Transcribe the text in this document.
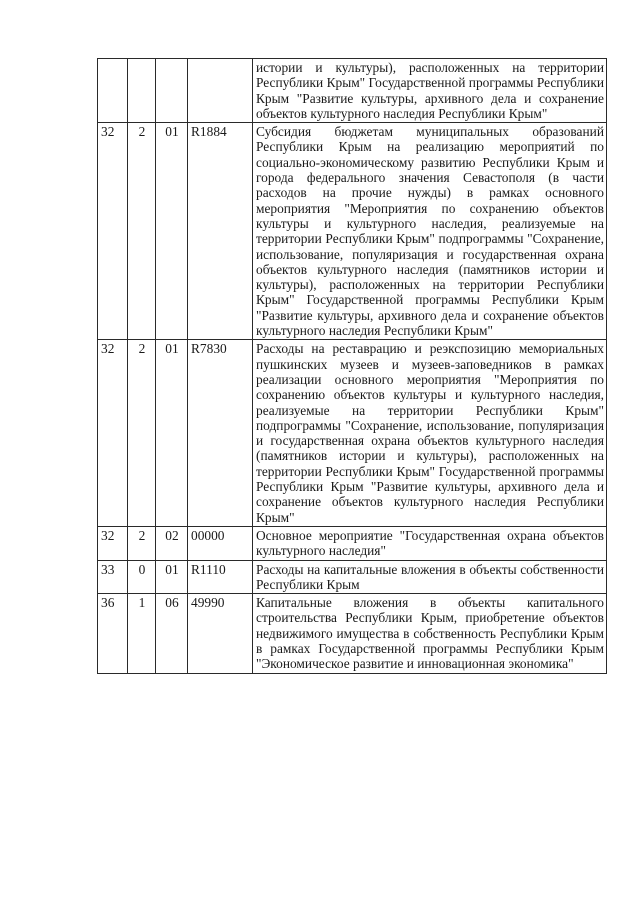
				истории и культуры), расположенных на территории Республики Крым" Государственной программы Республики Крым "Развитие культуры, архивного дела и сохранение объектов культурного наследия Республики Крым"
32	2	01	R1884	Субсидия бюджетам муниципальных образований Республики Крым на реализацию мероприятий по социально-экономическому развитию Республики Крым и города федерального значения Севастополя (в части расходов на прочие нужды) в рамках основного мероприятия "Мероприятия по сохранению объектов культуры и культурного наследия, реализуемые на территории Республики Крым" подпрограммы "Сохранение, использование, популяризация и государственная охрана объектов культурного наследия (памятников истории и культуры), расположенных на территории Республики Крым" Государственной программы Республики Крым "Развитие культуры, архивного дела и сохранение объектов культурного наследия Республики Крым"
32	2	01	R7830	Расходы на реставрацию и реэкспозицию мемориальных пушкинских музеев и музеев-заповедников в рамках реализации основного мероприятия "Мероприятия по сохранению объектов культуры и культурного наследия, реализуемые на территории Республики Крым" подпрограммы "Сохранение, использование, популяризация и государственная охрана объектов культурного наследия (памятников истории и культуры), расположенных на территории Республики Крым" Государственной программы Республики Крым "Развитие культуры, архивного дела и сохранение объектов культурного наследия Республики Крым"
32	2	02	00000	Основное мероприятие "Государственная охрана объектов культурного наследия"
33	0	01	R1110	Расходы на капитальные вложения в объекты собственности Республики Крым
36	1	06	49990	Капитальные вложения в объекты капитального строительства Республики Крым, приобретение объектов недвижимого имущества в собственность Республики Крым в рамках Государственной программы Республики Крым "Экономическое развитие и инновационная экономика"
